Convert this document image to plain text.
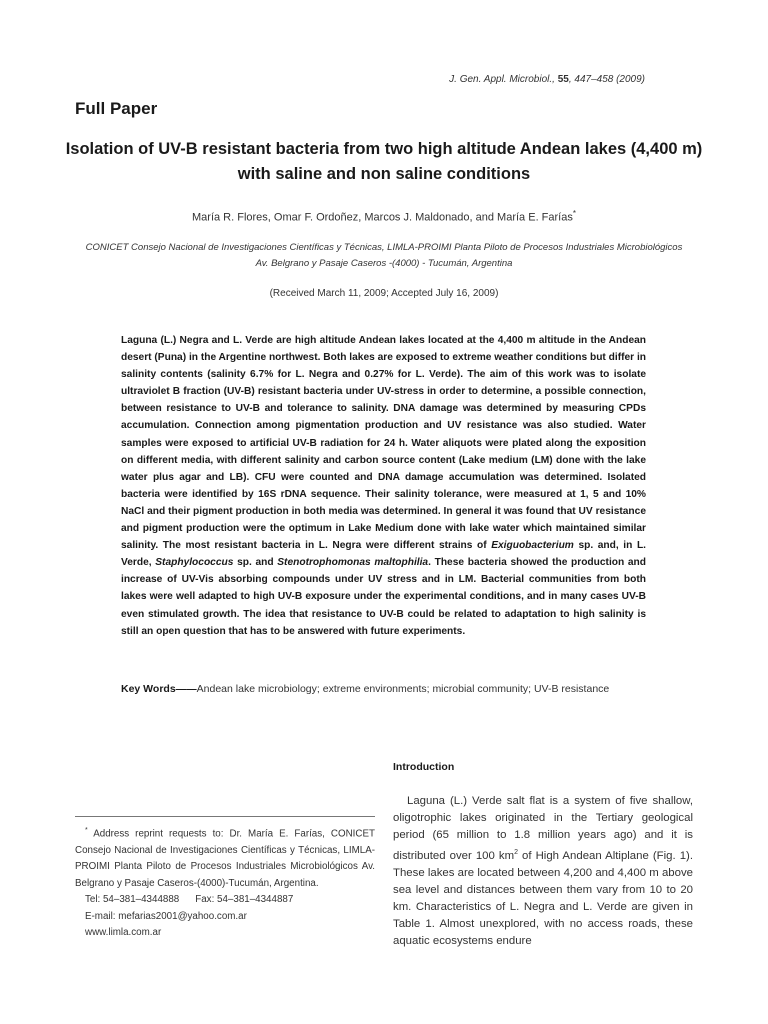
J. Gen. Appl. Microbiol., 55, 447–458 (2009)
Full Paper
Isolation of UV-B resistant bacteria from two high altitude Andean lakes (4,400 m) with saline and non saline conditions
María R. Flores, Omar F. Ordoñez, Marcos J. Maldonado, and María E. Farías*
CONICET Consejo Nacional de Investigaciones Científicas y Técnicas, LIMLA-PROIMI Planta Piloto de Procesos Industriales Microbiológicos Av. Belgrano y Pasaje Caseros -(4000) - Tucumán, Argentina
(Received March 11, 2009; Accepted July 16, 2009)
Laguna (L.) Negra and L. Verde are high altitude Andean lakes located at the 4,400 m altitude in the Andean desert (Puna) in the Argentine northwest. Both lakes are exposed to extreme weather conditions but differ in salinity contents (salinity 6.7% for L. Negra and 0.27% for L. Verde). The aim of this work was to isolate ultraviolet B fraction (UV-B) resistant bacteria under UV-stress in order to determine, a possible connection, between resistance to UV-B and tolerance to salinity. DNA damage was determined by measuring CPDs accumulation. Connection among pigmentation production and UV resistance was also studied. Water samples were exposed to artificial UV-B radiation for 24 h. Water aliquots were plated along the exposition on different media, with different salinity and carbon source content (Lake medium (LM) done with the lake water plus agar and LB). CFU were counted and DNA damage accumulation was determined. Isolated bacteria were identified by 16S rDNA sequence. Their salinity tolerance, were measured at 1, 5 and 10% NaCl and their pigment production in both media was determined. In general it was found that UV resistance and pigment production were the optimum in Lake Medium done with lake water which maintained similar salinity. The most resistant bacteria in L. Negra were different strains of Exiguobacterium sp. and, in L. Verde, Staphylococcus sp. and Stenotrophomonas maltophilia. These bacteria showed the production and increase of UV-Vis absorbing compounds under UV stress and in LM. Bacterial communities from both lakes were well adapted to high UV-B exposure under the experimental conditions, and in many cases UV-B even stimulated growth. The idea that resistance to UV-B could be related to adaptation to high salinity is still an open question that has to be answered with future experiments.
Key Words——Andean lake microbiology; extreme environments; microbial community; UV-B resistance
Introduction
Laguna (L.) Verde salt flat is a system of five shallow, oligotrophic lakes originated in the Tertiary geological period (65 million to 1.8 million years ago) and it is distributed over 100 $km^2$ of High Andean Altiplane (Fig. 1). These lakes are located between 4,200 and 4,400 m above sea level and distances between them vary from 10 to 20 km. Characteristics of L. Negra and L. Verde are given in Table 1. Almost unexplored, with no access roads, these aquatic ecosystems endure
* Address reprint requests to: Dr. María E. Farías, CONICET Consejo Nacional de Investigaciones Científicas y Técnicas, LIMLA-PROIMI Planta Piloto de Procesos Industriales Microbiológicos Av. Belgrano y Pasaje Caseros-(4000)-Tucumán, Argentina.
Tel: 54–381–4344888 Fax: 54–381–4344887
E-mail: mefarias2001@yahoo.com.ar
www.limla.com.ar
